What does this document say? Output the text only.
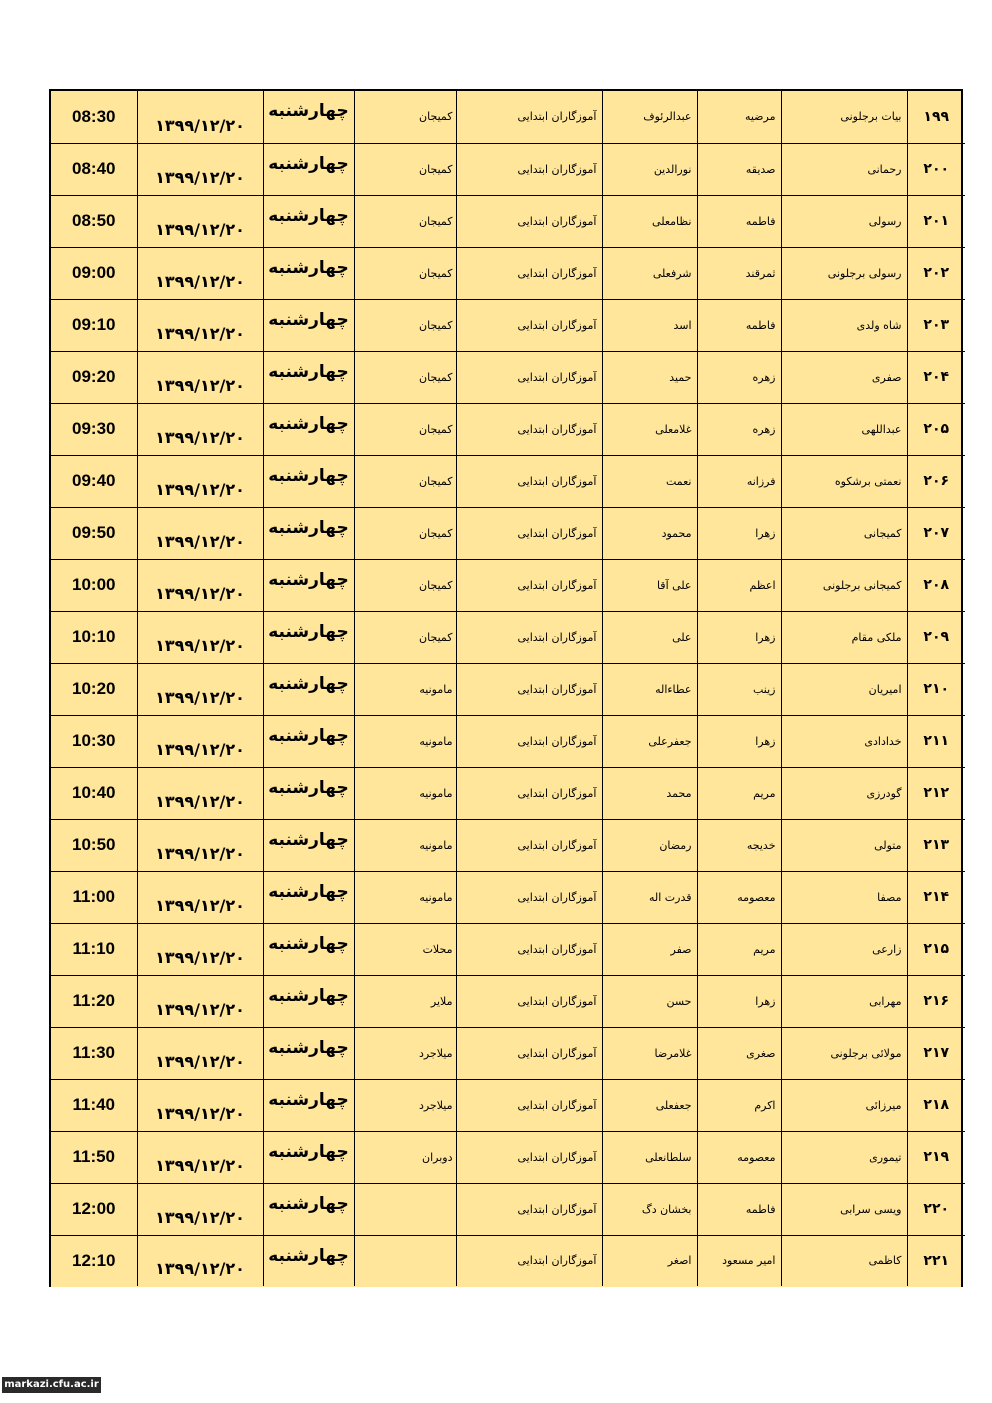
۱۹۹	بیات برجلونی	مرضیه	عبدالرئوف	آموزگاران ابتدایی	کمیجان	چهارشنبه	۱۳۹۹/۱۲/۲۰	08:30
۲۰۰	رحمانی	صدیقه	نورالدین	آموزگاران ابتدایی	کمیجان	چهارشنبه	۱۳۹۹/۱۲/۲۰	08:40
۲۰۱	رسولی	فاطمه	نظامعلی	آموزگاران ابتدایی	کمیجان	چهارشنبه	۱۳۹۹/۱۲/۲۰	08:50
۲۰۲	رسولی برجلونی	ثمرقند	شرفعلی	آموزگاران ابتدایی	کمیجان	چهارشنبه	۱۳۹۹/۱۲/۲۰	09:00
۲۰۳	شاه ولدی	فاطمه	اسد	آموزگاران ابتدایی	کمیجان	چهارشنبه	۱۳۹۹/۱۲/۲۰	09:10
۲۰۴	صفری	زهره	حمید	آموزگاران ابتدایی	کمیجان	چهارشنبه	۱۳۹۹/۱۲/۲۰	09:20
۲۰۵	عبداللهی	زهره	غلامعلی	آموزگاران ابتدایی	کمیجان	چهارشنبه	۱۳۹۹/۱۲/۲۰	09:30
۲۰۶	نعمتی برشکوه	فرزانه	نعمت	آموزگاران ابتدایی	کمیجان	چهارشنبه	۱۳۹۹/۱۲/۲۰	09:40
۲۰۷	کمیجانی	زهرا	محمود	آموزگاران ابتدایی	کمیجان	چهارشنبه	۱۳۹۹/۱۲/۲۰	09:50
۲۰۸	کمیجانی برجلونی	اعظم	علی آقا	آموزگاران ابتدایی	کمیجان	چهارشنبه	۱۳۹۹/۱۲/۲۰	10:00
۲۰۹	ملکی مقام	زهرا	علی	آموزگاران ابتدایی	کمیجان	چهارشنبه	۱۳۹۹/۱۲/۲۰	10:10
۲۱۰	امیریان	زینب	عطاءاله	آموزگاران ابتدایی	مامونیه	چهارشنبه	۱۳۹۹/۱۲/۲۰	10:20
۲۱۱	خدادادی	زهرا	جعفرعلی	آموزگاران ابتدایی	مامونیه	چهارشنبه	۱۳۹۹/۱۲/۲۰	10:30
۲۱۲	گودرزی	مریم	محمد	آموزگاران ابتدایی	مامونیه	چهارشنبه	۱۳۹۹/۱۲/۲۰	10:40
۲۱۳	متولی	خدیجه	رمضان	آموزگاران ابتدایی	مامونیه	چهارشنبه	۱۳۹۹/۱۲/۲۰	10:50
۲۱۴	مصفا	معصومه	قدرت اله	آموزگاران ابتدایی	مامونیه	چهارشنبه	۱۳۹۹/۱۲/۲۰	11:00
۲۱۵	زارعی	مریم	صفر	آموزگاران ابتدایی	محلات	چهارشنبه	۱۳۹۹/۱۲/۲۰	11:10
۲۱۶	مهرابی	زهرا	حسن	آموزگاران ابتدایی	ملایر	چهارشنبه	۱۳۹۹/۱۲/۲۰	11:20
۲۱۷	مولائی برجلونی	صغری	غلامرضا	آموزگاران ابتدایی	میلاجرد	چهارشنبه	۱۳۹۹/۱۲/۲۰	11:30
۲۱۸	میرزائی	اکرم	جعفعلی	آموزگاران ابتدایی	میلاجرد	چهارشنبه	۱۳۹۹/۱۲/۲۰	11:40
۲۱۹	تیموری	معصومه	سلطانعلی	آموزگاران ابتدایی	دوبران	چهارشنبه	۱۳۹۹/۱۲/۲۰	11:50
۲۲۰	ویسی سرابی	فاطمه	بخشان دگ	آموزگاران ابتدایی		چهارشنبه	۱۳۹۹/۱۲/۲۰	12:00
۲۲۱	کاظمی	امیر مسعود	اصغر	آموزگاران ابتدایی		چهارشنبه	۱۳۹۹/۱۲/۲۰	12:10
markazi.cfu.ac.ir
